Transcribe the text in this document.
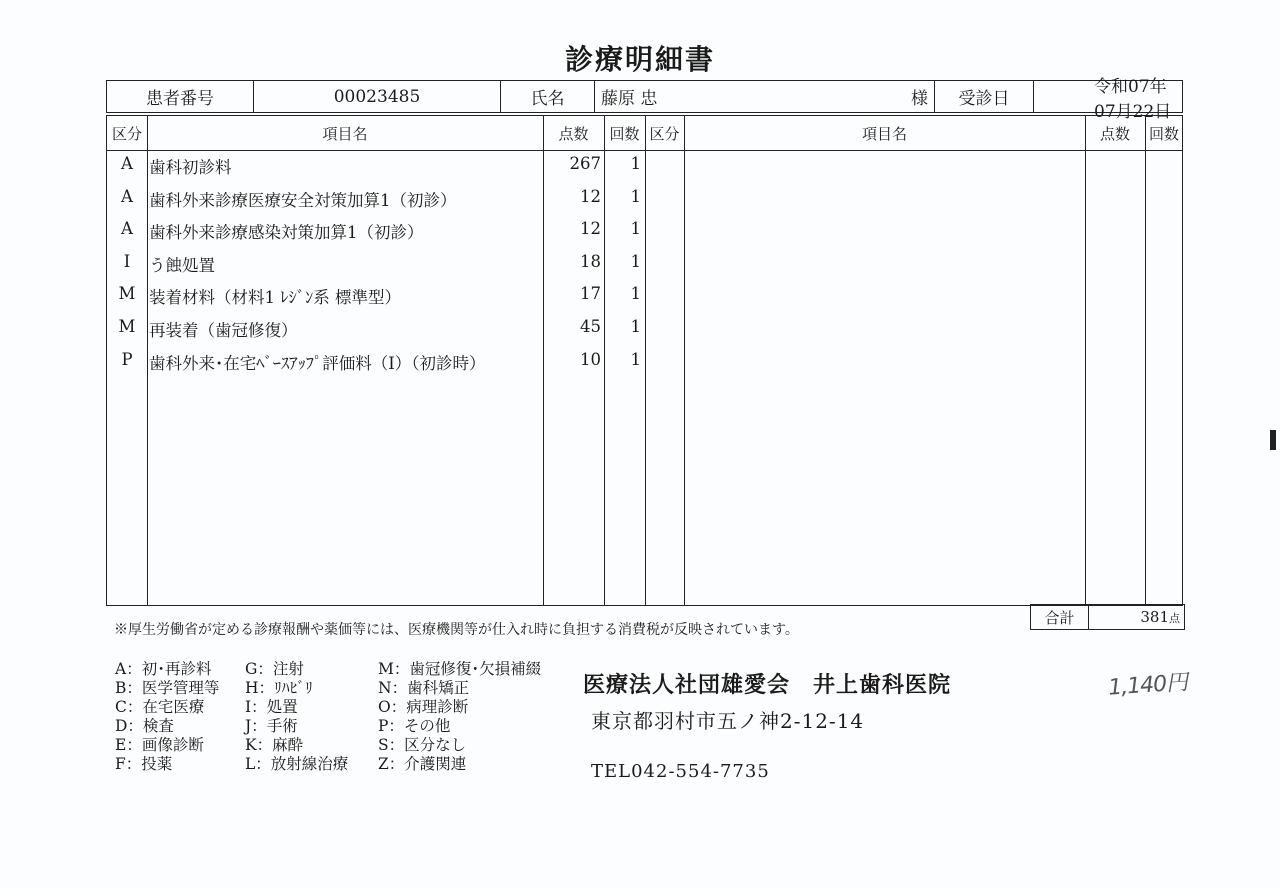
診療明細書
患者番号	00023485	氏名	藤原 忠	様	受診日
令和07年07月22日
区分	項目名	点数	回数 区分	項目名	点数	回数
A 歯科初診料	267	1
A 歯科外来診療医療安全対策加算1（初診）	12	1
A 歯科外来診療感染対策加算1（初診）	12	1
I	う蝕処置	18	1
M 装着材料（材料1 ﾚｼﾞﾝ系 標準型）	17	1
M 再装着（歯冠修復）	45	1
P 歯科外来･在宅ﾍﾞｰｽｱｯﾌﾟ評価料（Ⅰ）（初診時）	10	1
合計	381点
※厚生労働省が定める診療報酬や薬価等には、医療機関等が仕入れ時に負担する消費税が反映されています。
A：初･再診料
B：医学管理等
C：在宅医療
D：検査
E：画像診断
F：投薬
G：注射
H：ﾘﾊﾋﾞﾘ
I：処置
J：手術
K：麻酔
L：放射線治療
M：歯冠修復･欠損補綴
N：歯科矯正
O：病理診断
P：その他
S：区分なし
Z：介護関連
医療法人社団雄愛会　井上歯科医院
東京都羽村市五ノ神2-12-14
TEL042-554-7735
1,140円
